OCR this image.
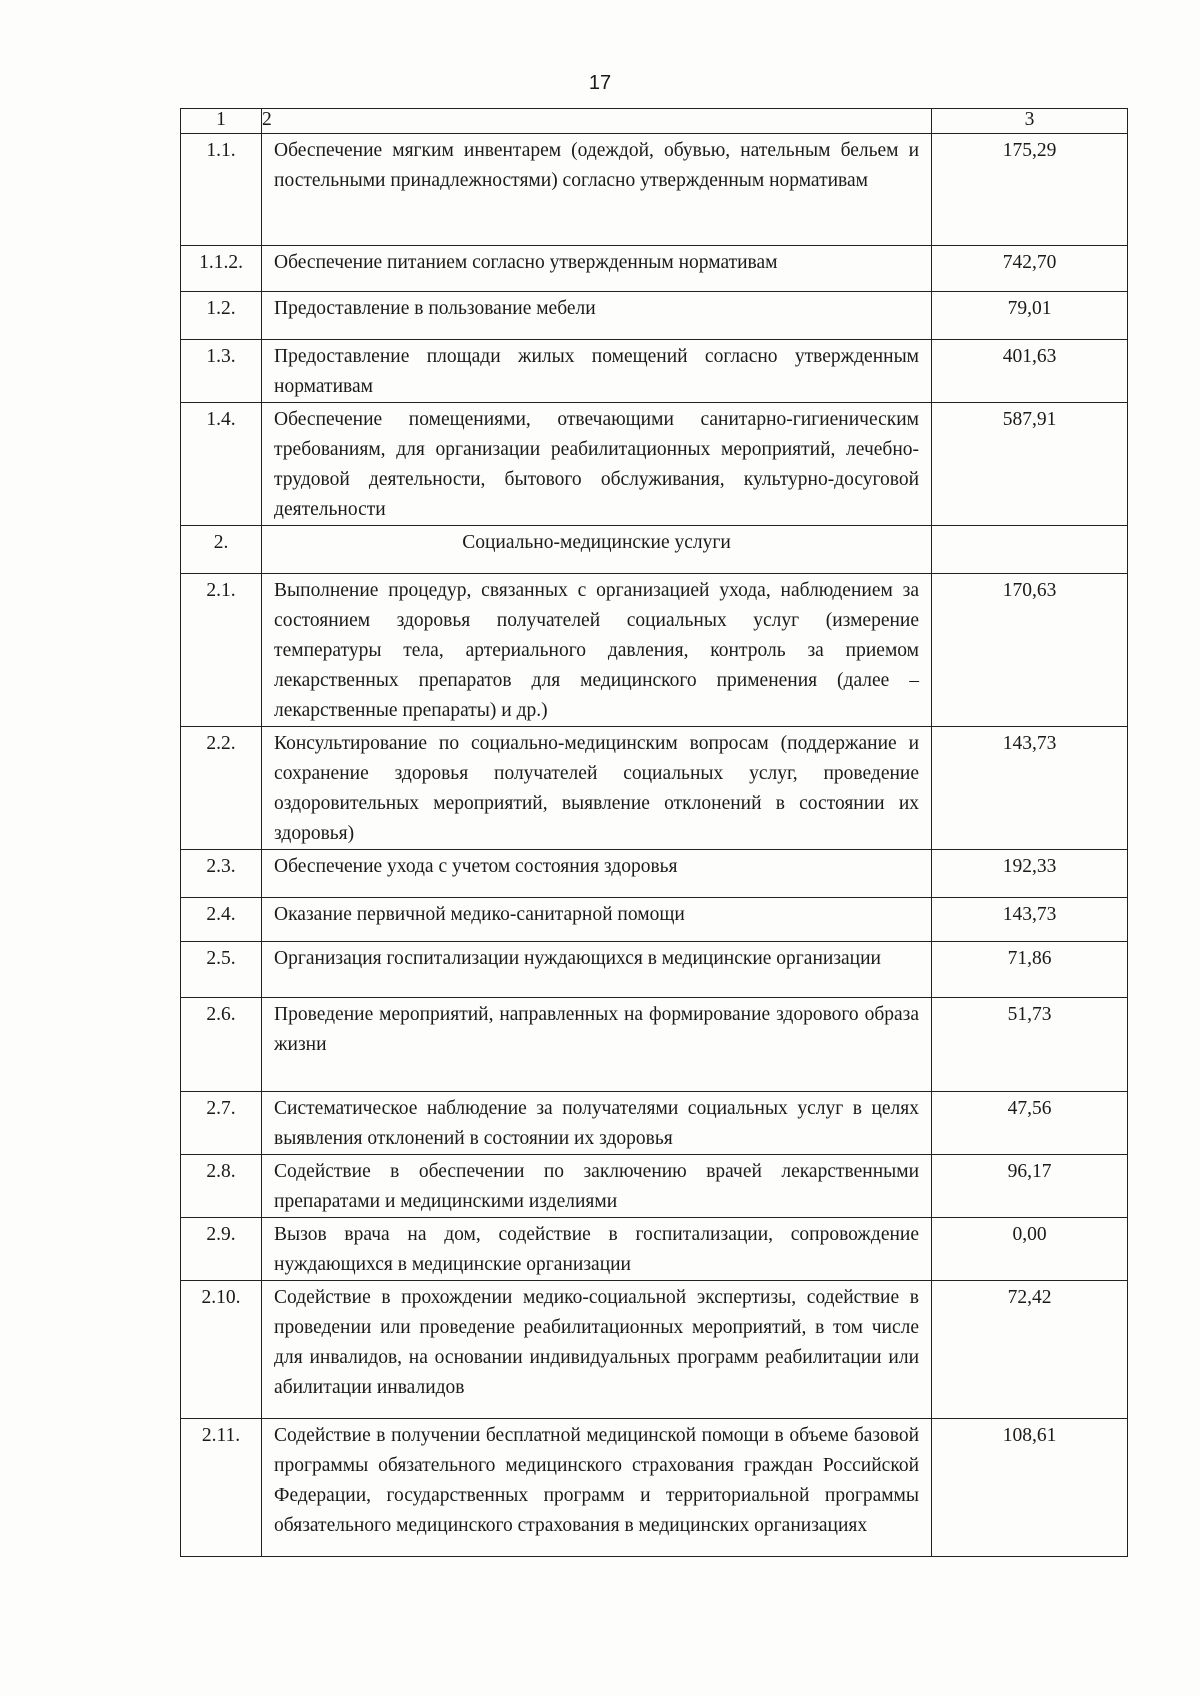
17
1	2	3
1.1.	Обеспечение мягким инвентарем (одеждой, обувью, нательным бельем и постельными принадлежностями) согласно утвержденным нормативам	175,29
1.1.2.	Обеспечение питанием согласно утвержденным нормативам	742,70
1.2.	Предоставление в пользование мебели	79,01
1.3.	Предоставление площади жилых помещений согласно утвержденным нормативам	401,63
1.4.	Обеспечение помещениями, отвечающими санитарно-гигиеническим требованиям, для организации реабилитационных мероприятий, лечебно-трудовой деятельности, бытового обслуживания, культурно-досуговой деятельности	587,91
2.	Социально-медицинские услуги	
2.1.	Выполнение процедур, связанных с организацией ухода, наблюдением за состоянием здоровья получателей социальных услуг (измерение температуры тела, артериального давления, контроль за приемом лекарственных препаратов для медицинского применения (далее – лекарственные препараты) и др.)	170,63
2.2.	Консультирование по социально-медицинским вопросам (поддержание и сохранение здоровья получателей социальных услуг, проведение оздоровительных мероприятий, выявление отклонений в состоянии их здоровья)	143,73
2.3.	Обеспечение ухода с учетом состояния здоровья	192,33
2.4.	Оказание первичной медико-санитарной помощи	143,73
2.5.	Организация госпитализации нуждающихся в медицинские организации	71,86
2.6.	Проведение мероприятий, направленных на формирование здорового образа жизни	51,73
2.7.	Систематическое наблюдение за получателями социальных услуг в целях выявления отклонений в состоянии их здоровья	47,56
2.8.	Содействие в обеспечении по заключению врачей лекарственными препаратами и медицинскими изделиями	96,17
2.9.	Вызов врача на дом, содействие в госпитализации, сопровождение нуждающихся в медицинские организации	0,00
2.10.	Содействие в прохождении медико-социальной экспертизы, содействие в проведении или проведение реабилитационных мероприятий, в том числе для инвалидов, на основании индивидуальных программ реабилитации или абилитации инвалидов	72,42
2.11.	Содействие в получении бесплатной медицинской помощи в объеме базовой программы обязательного медицинского страхования граждан Российской Федерации, государственных программ и территориальной программы обязательного медицинского страхования в медицинских организациях	108,61
